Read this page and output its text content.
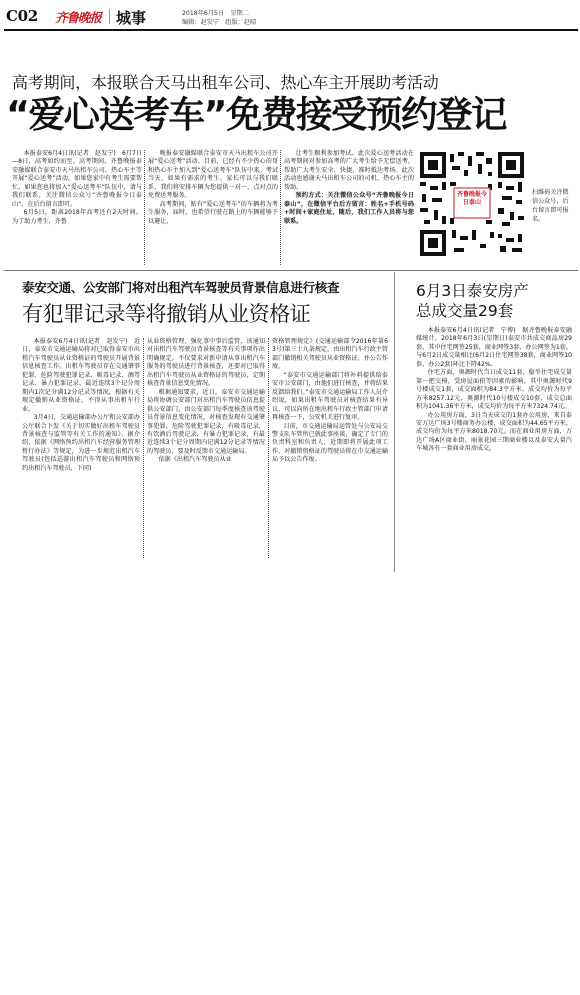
C02 齐鲁晚报 城事	2018年6月5日　星期二
编辑：赵发宁　组版：赵晴
高考期间，本报联合天马出租车公司、热心车主开展助考活动
“爱心送考车”免费接受预约登记

本报泰安6月4日讯(记者　赵发宁)　6月7日—8日，高考如约而至。高考期间，齐鲁晚报泰安融媒联合泰安市天马出租车公司、热心车主等开展“爱心送考”活动，如果您家中有考生需要帮忙，如果您也将加入“爱心送考车”队伍中，请与我们联系，关注微信公众号“齐鲁晚报今日泰山”，在后台留言即可。

6月5日，距离2018年高考还有2天时间。为了助力考生，齐鲁

晚报泰安融媒联合泰安市天马出租车公司开展“爱心送考”活动。目前，已经有不少热心的哥和热心车主加入到“爱心送考车”队伍中来。考试当天，如果有需求的考生、家长可以与我们联系，我们将安排车辆为您提供一对一、点对点的免费送考服务。

高考期间，贴有“爱心送考车”的车辆将为考生服务，届时，也希望行驶在路上的车辆能够予以避让，

让考生顺利参加考试。此次爱心送考活动在高考期间对参加高考的广大考生给予无偿送考，帮助广大考生安全、快捷、准时抵达考场。此次活动也感谢天马出租车公司的司机、热心车主的帮助。

预约方式：关注微信公众号“齐鲁晚报今日泰山”，在微信平台后方留言：姓名+手机号码+时间+家庭住址，随后，我们工作人员将与您联系。

齐鲁晚报今日泰山
扫维码关注微信公众号，后台留言即可报名。
泰安交通、公安部门将对出租汽车驾驶员背景信息进行核查
有犯罪记录等将撤销从业资格证

本报泰安6月4日讯(记者　赵发宁)　近日，泰安市交通运输局将对已取得泰安市出租汽车驾驶员从业资格证的驾驶员开展背景信息核查工作。出租车驾驶员存在交通肇事犯罪、危险驾驶犯罪记录、吸毒记录、酒驾记录、暴力犯罪记录、最近连续3个记分周期内1次记分满12分记录等情况，根据有关规定撤销从业资格证，不得从事出租车行业。

3月4日，交通运输部办公厅和公安部办公厅联合下发《关于切实做好出租车驾驶员背景核查与监管等有关工作的通知》。据介绍，依据《网络预约出租汽车经营服务管理暂行办法》等规定，为进一步规范出租汽车驾驶员(包括巡游出租汽车驾驶员和网络预约出租汽车驾驶员，下同)

从业资格管理，强化事中事后监管，该通知对出租汽车驾驶员背景核查等有关事项作出明确规定。不仅要求对新申请从事出租汽车服务的驾驶员进行背景核查，还要对已取得出租汽车驾驶员从业资格证的驾驶员，定期核查背景信息变化情况。

根据通知要求，近日，泰安市交通运输局将协调公安部门对出租汽车驾驶员信息提供公安部门，由公安部门每季度核查该驾驶员背景信息变化情况，对核查发现有交通肇事犯罪、危险驾驶犯罪记录，有吸毒记录，有饮酒后驾驶记录，有暴力犯罪记录，有最近连续3个记分周期内记满12分记录等情况的驾驶员，要及时反馈市交通运输局。

依据《出租汽车驾驶员从业

资格管理规定》(交通运输部令2016年第63号)第三十九条规定，由出租汽车行政主管部门撤销相关驾驶员从业资格证，并公告作废。

“泰安市交通运输部门将补料提供给泰安市公安部门，由他们进行核查，并将结果反馈给我们。”泰安市交通运输局工作人员介绍说，如果出租车驾驶员对核查结果有异议，可以向所在地出租车行政主管部门申请再核查一下，公安机关进行复审。

目前，市交通运输局运管处与公安局交警支队车管所已就此事座谈，确定了专门的负责科室和负责人，近期即将开展此项工作，对撤销资格证的驾驶员将在市交通运输局予以公告作废。

6月3日泰安房产
总成交量29套

本报泰安6月4日讯(记者　宁博)　据齐鲁晚报泰安融媒统计，2018年6月3日(星期日)泰安市共成交商品房29套，其中住宅网签25套，商业网签3套，办公网签为1套。与6月2日成交量相比(6月2日住宅网签38套，商业网签10套，办公2套)环比下降42%。

住宅方面，奥源时代当日成交11套，稳坐住宅成交量第一把交椅，受房屋面积等因素的影响，其中奥源时代9号楼成交1套，成交面积为84.3平方米，成交均价为每平方米8257.12元，奥源时代10号楼成交10套，成交总面积为1041.36平方米，成交均价为每平方米7324.74元。

办公用房方面，3日当天成交的1套办公用房，来自泰安万达广场3号楼商务办公楼，成交面积为44.65平方米，成交均价为每平方米8018.70元。而在商业用房方面，万达广场A区商业街、丽景花园三期商业楼以及泰安大量汽车城各有一套商业用房成交。
